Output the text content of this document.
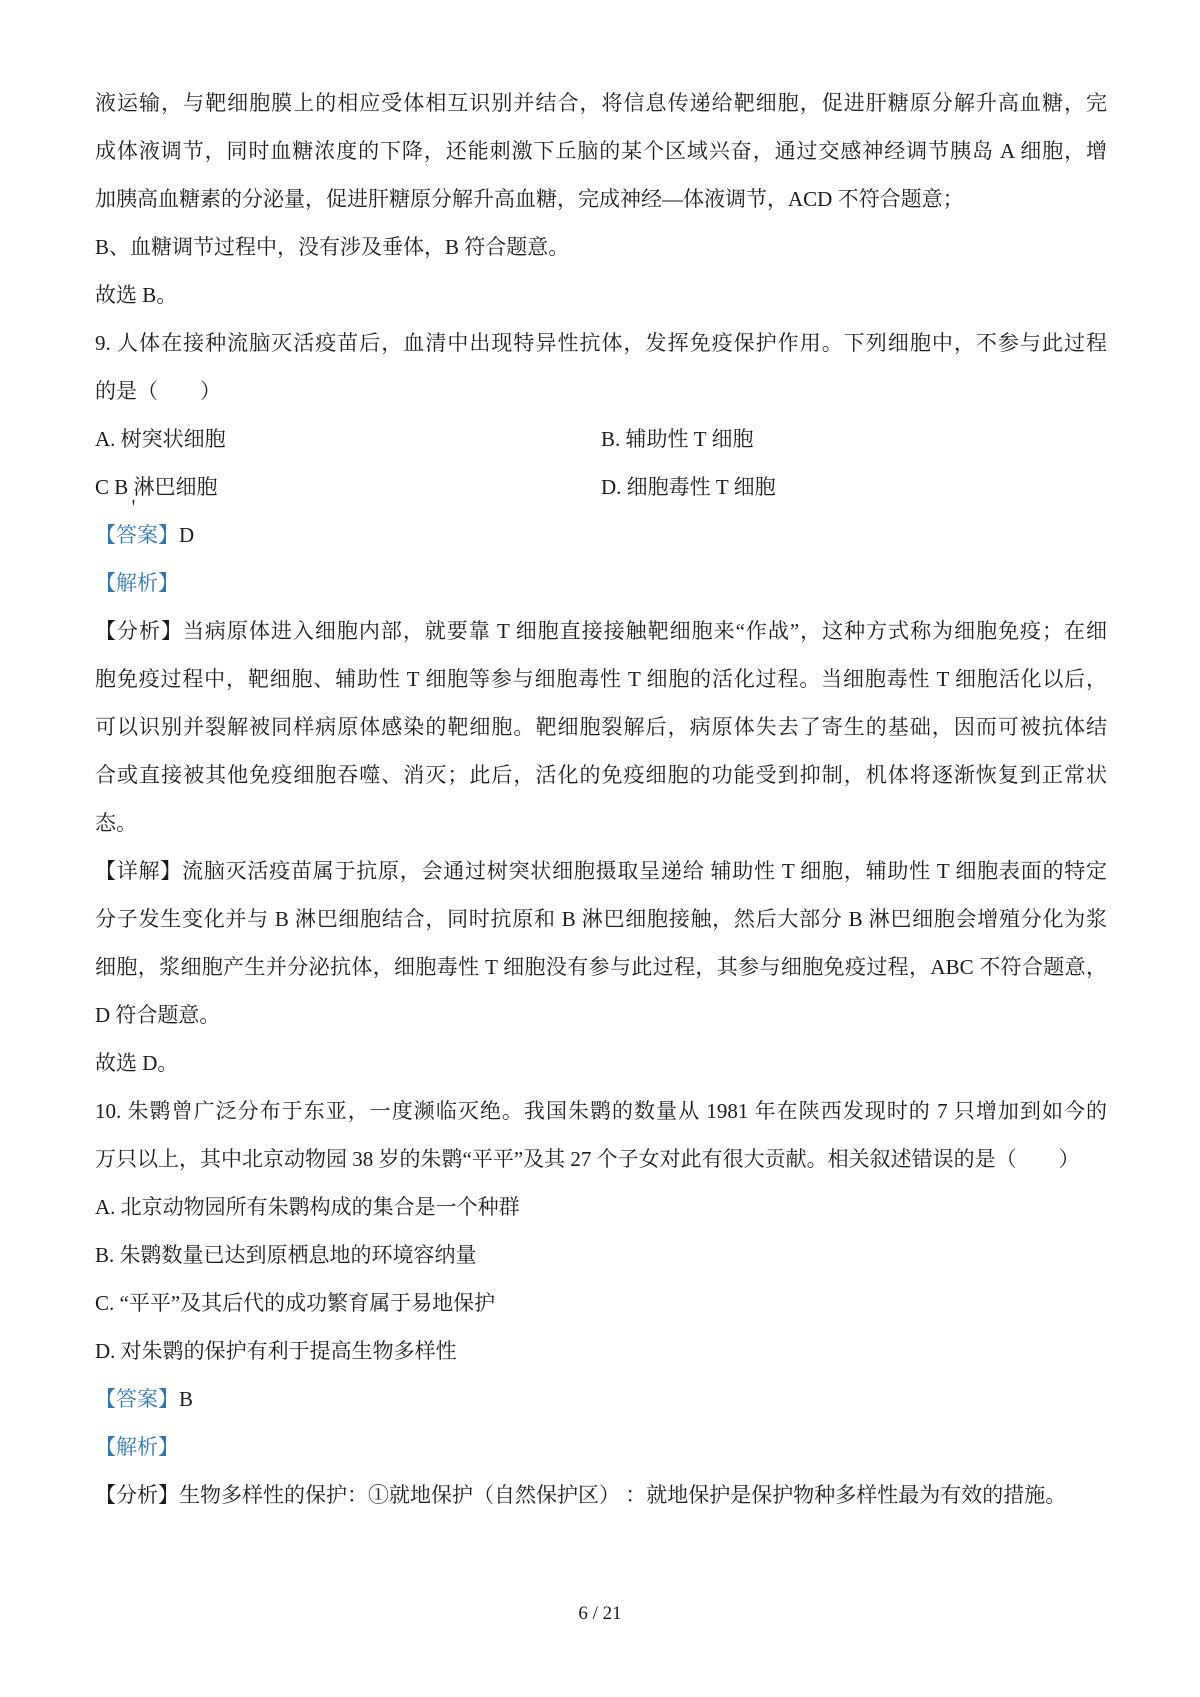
液运输，与靶细胞膜上的相应受体相互识别并结合，将信息传递给靶细胞，促进肝糖原分解升高血糖，完
成体液调节，同时血糖浓度的下降，还能刺激下丘脑的某个区域兴奋，通过交感神经调节胰岛 A 细胞，增
加胰高血糖素的分泌量，促进肝糖原分解升高血糖，完成神经—体液调节，ACD 不符合题意；
B、血糖调节过程中，没有涉及垂体，B 符合题意。
故选 B。
9. 人体在接种流脑灭活疫苗后，血清中出现特异性抗体，发挥免疫保护作用。下列细胞中，不参与此过程
的是（　　）
A. 树突状细胞	B. 辅助性 T 细胞
C B 淋巴细胞	D. 细胞毒性 T 细胞
【答案】D
【解析】
【分析】当病原体进入细胞内部，就要靠 T 细胞直接接触靶细胞来“作战”，这种方式称为细胞免疫；在细
胞免疫过程中，靶细胞、辅助性 T 细胞等参与细胞毒性 T 细胞的活化过程。当细胞毒性 T 细胞活化以后，
可以识别并裂解被同样病原体感染的靶细胞。靶细胞裂解后，病原体失去了寄生的基础，因而可被抗体结
合或直接被其他免疫细胞吞噬、消灭；此后，活化的免疫细胞的功能受到抑制，机体将逐渐恢复到正常状
态。
【详解】流脑灭活疫苗属于抗原，会通过树突状细胞摄取呈递给 辅助性 T 细胞，辅助性 T 细胞表面的特定
分子发生变化并与 B 淋巴细胞结合，同时抗原和 B 淋巴细胞接触，然后大部分 B 淋巴细胞会增殖分化为浆
细胞，浆细胞产生并分泌抗体，细胞毒性 T 细胞没有参与此过程，其参与细胞免疫过程，ABC 不符合题意，
D 符合题意。
故选 D。
10. 朱鹮曾广泛分布于东亚，一度濒临灭绝。我国朱鹮的数量从 1981 年在陕西发现时的 7 只增加到如今的
万只以上，其中北京动物园 38 岁的朱鹮“平平”及其 27 个子女对此有很大贡献。相关叙述错误的是（　　）
A. 北京动物园所有朱鹮构成的集合是一个种群
B. 朱鹮数量已达到原栖息地的环境容纳量
C. “平平”及其后代的成功繁育属于易地保护
D. 对朱鹮的保护有利于提高生物多样性
【答案】B
【解析】
【分析】生物多样性的保护：①就地保护（自然保护区） ：就地保护是保护物种多样性最为有效的措施。
＇
6 / 21
